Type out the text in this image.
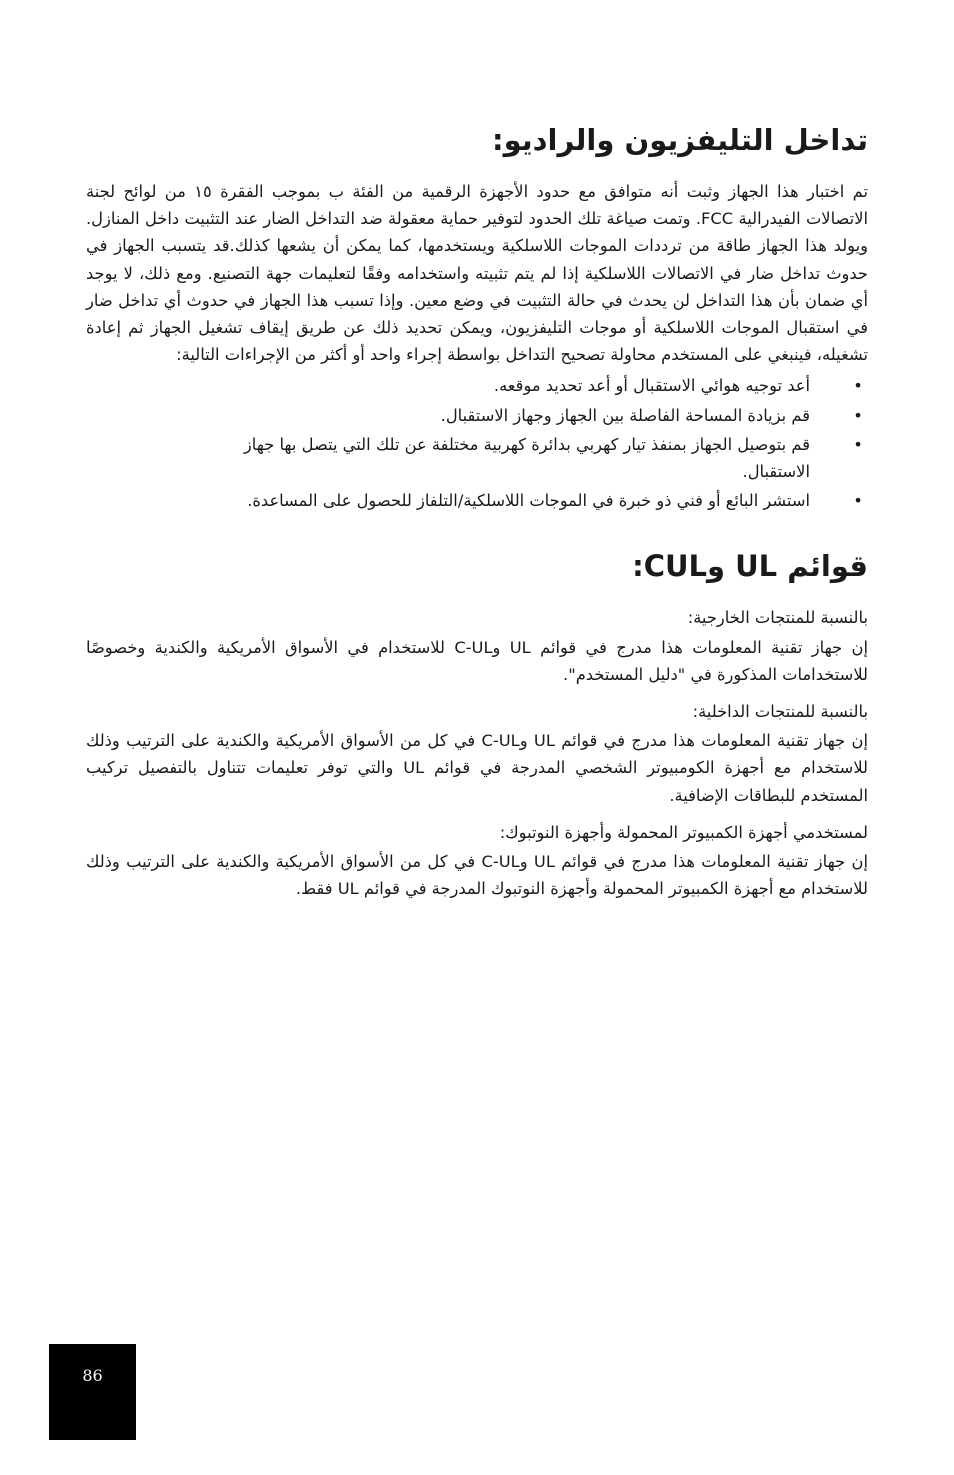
تداخل التليفزيون والراديو:

تم اختبار هذا الجهاز وثبت أنه متوافق مع حدود الأجهزة الرقمية من الفئة ب بموجب الفقرة ١٥ من لوائح لجنة الاتصالات الفيدرالية FCC. وتمت صياغة تلك الحدود لتوفير حماية معقولة ضد التداخل الضار عند التثبيت داخل المنازل. ويولد هذا الجهاز طاقة من ترددات الموجات اللاسلكية ويستخدمها، كما يمكن أن يشعها كذلك.قد يتسبب الجهاز في حدوث تداخل ضار في الاتصالات اللاسلكية إذا لم يتم تثبيته واستخدامه وفقًا لتعليمات جهة التصنيع. ومع ذلك، لا يوجد أي ضمان بأن هذا التداخل لن يحدث في حالة التثبيت في وضع معين. وإذا تسبب هذا الجهاز في حدوث أي تداخل ضار في استقبال الموجات اللاسلكية أو موجات التليفزيون، ويمكن تحديد ذلك عن طريق إيقاف تشغيل الجهاز ثم إعادة تشغيله، فينبغي على المستخدم محاولة تصحيح التداخل بواسطة إجراء واحد أو أكثر من الإجراءات التالية:

•
أعد توجيه هوائي الاستقبال أو أعد تحديد موقعه.
•
قم بزيادة المساحة الفاصلة بين الجهاز وجهاز الاستقبال.
•
قم بتوصيل الجهاز بمنفذ تيار كهربي بدائرة كهربية مختلفة عن تلك التي يتصل بها جهاز الاستقبال.
•
استشر البائع أو فني ذو خبرة في الموجات اللاسلكية/التلفاز للحصول على المساعدة.
قوائم UL وCUL:

بالنسبة للمنتجات الخارجية:

إن جهاز تقنية المعلومات هذا مدرج في قوائم UL وC-UL للاستخدام في الأسواق الأمريكية والكندية وخصوصًا للاستخدامات المذكورة في "دليل المستخدم".

بالنسبة للمنتجات الداخلية:

إن جهاز تقنية المعلومات هذا مدرج في قوائم UL وC-UL في كل من الأسواق الأمريكية والكندية على الترتيب وذلك للاستخدام مع أجهزة الكومبيوتر الشخصي المدرجة في قوائم UL والتي توفر تعليمات تتناول بالتفصيل تركيب المستخدم للبطاقات الإضافية.

لمستخدمي أجهزة الكمبيوتر المحمولة وأجهزة النوتبوك:

إن جهاز تقنية المعلومات هذا مدرج في قوائم UL وC-UL في كل من الأسواق الأمريكية والكندية على الترتيب وذلك للاستخدام مع أجهزة الكمبيوتر المحمولة وأجهزة النوتبوك المدرجة في قوائم UL فقط.

86
